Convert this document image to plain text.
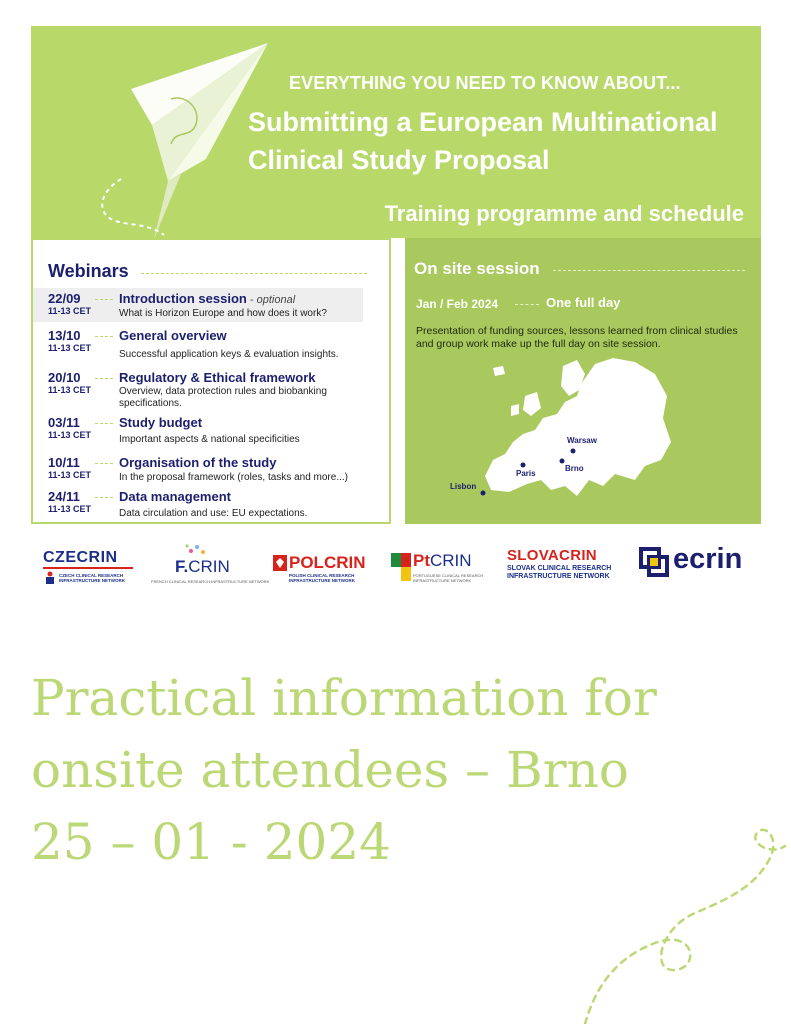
EVERYTHING YOU NEED TO KNOW ABOUT...
Submitting a European Multinational
Clinical Study Proposal
Training programme and schedule
Webinars
22/09
11-13 CET
Introduction session - optional
What is Horizon Europe and how does it work?
13/10
11-13 CET
General overview
Successful application keys & evaluation insights.
20/10
11-13 CET
Regulatory & Ethical framework
Overview, data protection rules and biobanking specifications.
03/11
11-13 CET
Study budget
Important aspects & national specificities
10/11
11-13 CET
Organisation of the study
In the proposal framework (roles, tasks and more...)
24/11
11-13 CET
Data management
Data circulation and use: EU expectations.
On site session
Jan / Feb 2024	One full day
Presentation of funding sources, lessons learned from clinical studies and group work make up the full day on site session.
Warsaw
Paris
Brno
Lisbon
CZECRIN
CZECH CLINICAL RESEARCH INFRASTRUCTURE NETWORK
F.CRIN
FRENCH CLINICAL RESEARCH INFRASTRUCTURE NETWORK
POLCRIN
POLISH CLINICAL RESEARCH INFRASTRUCTURE NETWORK
PtCRIN
PORTUGUESE CLINICAL RESEARCH INFRASTRUCTURE NETWORK
SLOVACRIN
SLOVAK CLINICAL RESEARCH
INFRASTRUCTURE NETWORK
ecrin
Practical information for
onsite attendees – Brno
25 – 01 - 2024
